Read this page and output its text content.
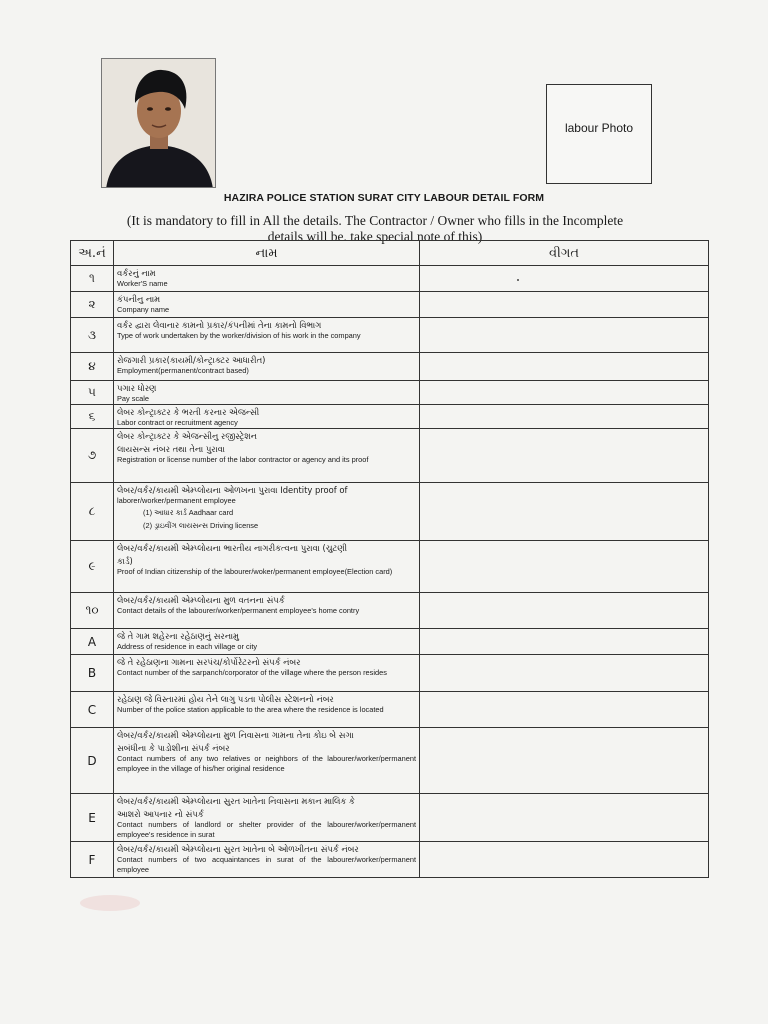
labour Photo
HAZIRA POLICE STATION SURAT CITY LABOUR DETAIL FORM
(It is mandatory to fill in All the details. The Contractor / Owner who fills in the Incomplete
details will be. take special note of this)
અ.નં	નામ	વીગત
૧	વર્કરનું નામ
Worker'S name	

૨	કંપનીનુ નામ
Company name	

૩	વર્કર દ્વારા લેવાનાર કામનો પ્રકાર/કંપનીમાં તેના કામનો વિભાગ
Type of work undertaken by the worker/division of his work in the company	

૪	રોજગારી પ્રકાર(કાયમી/કોન્ટ્રાક્ટર આધારીત)
Employment(permanent/contract based)	

૫	પગાર ધોરણ
Pay scale	

૬	લેબર કોન્ટ્રાક્ટર કે ભરતી કરનાર એજન્સી
Labor contract or recruitment agency	

૭	લેબર કોન્ટ્રાક્ટર કે એજન્સીનુ રજીસ્ટ્રેશન
લાયસન્સ નંબર તથા તેના પુરાવા
Registration or license number of the labor contractor or agency and its proof	

૮	લેબર/વર્કર/કાયમી એમ્પ્લોયના ઓળખના પુરાવા Identity proof of
laborer/worker/permanent employee
(1) આધાર કાર્ડ Aadhaar card
(2) ડ્રાઇવીંગ લાયસન્સ Driving license	

૯	લેબર/વર્કર/કાયમી એમ્પ્લોયના ભારતીય નાગરીકત્વના પુરાવા (ચુટણી
કાર્ડ)
Proof of Indian citizenship of the labourer/woker/permanent employee(Election card)	

૧૦	લેબર/વર્કર/કાયમી એમ્પ્લોયના મુળ વતનના સંપર્ક
Contact details of the labourer/worker/permanent employee's home contry	

A	જે તે ગામ શહેરના રહેઠાણનું સરનામુ
Address of residence in each village or city	

B	જે તે રહેઠાણના ગામના સરપંચ/કોર્પોરેટરનો સંપર્ક નંબર
Contact number of the sarpanch/corporator of the village where the person resides	

C	રહેઠાણ જે વિસ્તારમાં હોય તેને લાગુ પડતા પોલીસ સ્ટેશનનો નંબર
Number of the police station applicable to the area where the residence is located	

D	લેબર/વર્કર/કાયમી એમ્પ્લોયના મુળ નિવાસના ગામના તેના કોઇ બે સગા
સબંધીના કે પાડોશીના સંપર્ક નંબર
Contact numbers of any two relatives or neighbors of the labourer/worker/permanent employee in the village of his/her original residence	

E	લેબર/વર્કર/કાયમી એમ્પ્લોયના સુરત ખાતેના નિવાસના મકાન માલિક કે
આશરો આપનાર નો સંપર્ક
Contact numbers of landlord or shelter provider of the labourer/worker/permanent employee's residence in surat	

F	લેબર/વર્કર/કાયમી એમ્પ્લોયના સુરત ખાતેના બે ઓળખીતના સંપર્ક નંબર
Contact numbers of two acquaintances in surat of the labourer/worker/permanent employee	
